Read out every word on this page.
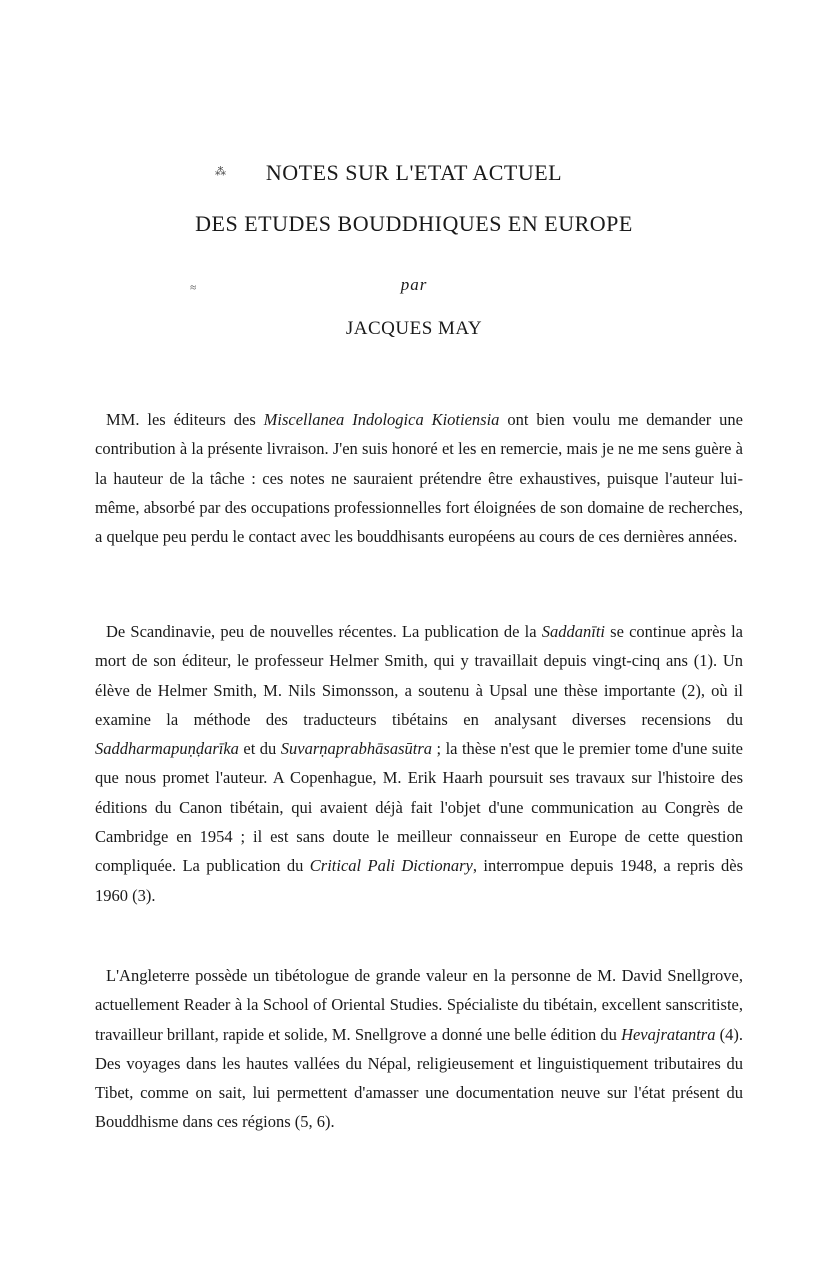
⁂
≈
NOTES SUR L'ETAT ACTUEL
DES ETUDES BOUDDHIQUES EN EUROPE
par
JACQUES MAY

MM. les éditeurs des Miscellanea Indologica Kiotiensia ont bien voulu me demander une contribution à la présente livraison. J'en suis honoré et les en remercie, mais je ne me sens guère à la hauteur de la tâche : ces notes ne sauraient prétendre être exhaustives, puisque l'auteur lui-même, absorbé par des occupations professionnelles fort éloignées de son domaine de recherches, a quelque peu perdu le contact avec les bouddhisants européens au cours de ces dernières années.

De Scandinavie, peu de nouvelles récentes. La publication de la Saddanīti se continue après la mort de son éditeur, le professeur Helmer Smith, qui y travaillait depuis vingt-cinq ans (1). Un élève de Helmer Smith, M. Nils Simonsson, a soutenu à Upsal une thèse importante (2), où il examine la méthode des traducteurs tibétains en analysant diverses recensions du Saddharmapuṇḍarīka et du Suvarṇaprabhāsasūtra ; la thèse n'est que le premier tome d'une suite que nous promet l'auteur. A Copenhague, M. Erik Haarh poursuit ses travaux sur l'histoire des éditions du Canon tibétain, qui avaient déjà fait l'objet d'une communication au Congrès de Cambridge en 1954 ; il est sans doute le meilleur connaisseur en Europe de cette question compliquée. La publication du Critical Pali Dictionary, interrompue depuis 1948, a repris dès 1960 (3).

L'Angleterre possède un tibétologue de grande valeur en la personne de M. David Snellgrove, actuellement Reader à la School of Oriental Studies. Spécialiste du tibétain, excellent sanscritiste, travailleur brillant, rapide et solide, M. Snellgrove a donné une belle édition du Hevajratantra (4). Des voyages dans les hautes vallées du Népal, religieusement et linguistiquement tributaires du Tibet, comme on sait, lui permettent d'amasser une documentation neuve sur l'état présent du Bouddhisme dans ces régions (5, 6).
